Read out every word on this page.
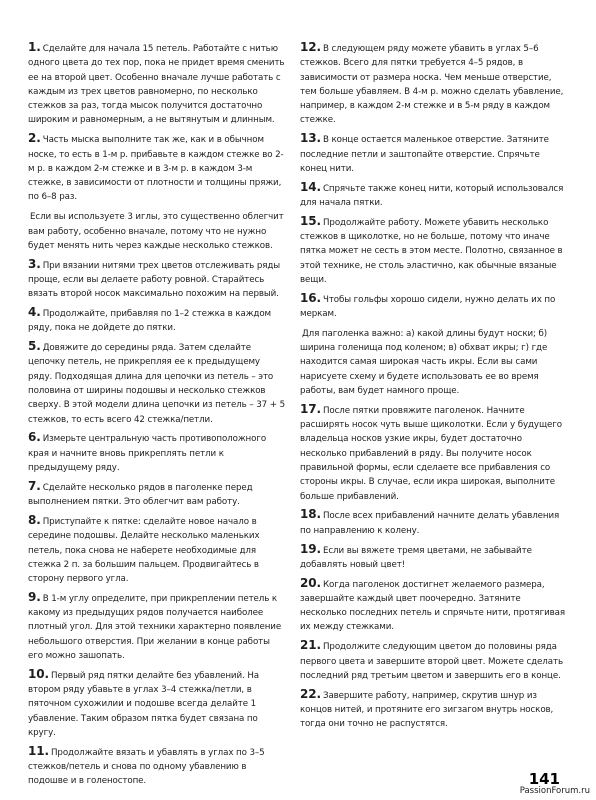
1. Сделайте для начала 15 петель. Работайте с нитью одного цвета до тех пор, пока не придет время сменить ее на второй цвет. Особенно вначале лучше работать с каждым из трех цветов равномерно, по несколько стежков за раз, тогда мысок получится достаточно широким и равномерным, а не вытянутым и длинным.

2. Часть мыска выполните так же, как и в обычном носке, то есть в 1-м р. прибавьте в каждом стежке во 2-м р. в каждом 2-м стежке и в 3-м р. в каждом 3-м стежке, в зависимости от плотности и толщины пряжи, по 6–8 раз.

Если вы используете 3 иглы, это существенно облегчит вам работу, особенно вначале, потому что не нужно будет менять нить через каждые несколько стежков.

3. При вязании нитями трех цветов отслеживать ряды проще, если вы делаете работу ровной. Старайтесь вязать второй носок максимально похожим на первый.

4. Продолжайте, прибавляя по 1–2 стежка в каждом ряду, пока не дойдете до пятки.

5. Довяжите до середины ряда. Затем сделайте цепочку петель, не прикрепляя ее к предыдущему ряду. Подходящая длина для цепочки из петель – это половина от ширины подошвы и несколько стежков сверху. В этой модели длина цепочки из петель – 37 + 5 стежков, то есть всего 42 стежка/петли.

6. Измерьте центральную часть противоположного края и начните вновь прикреплять петли к предыдущему ряду.

7. Сделайте несколько рядов в паголенке перед выполнением пятки. Это облегчит вам работу.

8. Приступайте к пятке: сделайте новое начало в середине подошвы. Делайте несколько маленьких петель, пока снова не наберете необходимые для стежка 2 п. за большим пальцем. Продвигайтесь в сторону первого угла.

9. В 1-м углу определите, при прикреплении петель к какому из предыдущих рядов получается наиболее плотный угол. Для этой техники характерно появление небольшого отверстия. При желании в конце работы его можно зашопать.

10. Первый ряд пятки делайте без убавлений. На втором ряду убавьте в углах 3–4 стежка/петли, в пяточном сухожилии и подошве всегда делайте 1 убавление. Таким образом пятка будет связана по кругу.

11. Продолжайте вязать и убавлять в углах по 3–5 стежков/петель и снова по одному убавлению в подошве и в голеностопе.

12. В следующем ряду можете убавить в углах 5–6 стежков. Всего для пятки требуется 4–5 рядов, в зависимости от размера носка. Чем меньше отверстие, тем больше убавляем. В 4-м р. можно сделать убавление, например, в каждом 2-м стежке и в 5-м ряду в каждом стежке.

13. В конце остается маленькое отверстие. Затяните последние петли и заштопайте отверстие. Спрячьте конец нити.

14. Спрячьте также конец нити, который использовался для начала пятки.

15. Продолжайте работу. Можете убавить несколько стежков в щиколотке, но не больше, потому что иначе пятка может не сесть в этом месте. Полотно, связанное в этой технике, не столь эластично, как обычные вязаные вещи.

16. Чтобы гольфы хорошо сидели, нужно делать их по меркам.

Для паголенка важно: а) какой длины будут носки; б) ширина голенища под коленом; в) обхват икры; г) где находится самая широкая часть икры. Если вы сами нарисуете схему и будете использовать ее во время работы, вам будет намного проще.

17. После пятки провяжите паголенок. Начните расширять носок чуть выше щиколотки. Если у будущего владельца носков узкие икры, будет достаточно несколько прибавлений в ряду. Вы получите носок правильной формы, если сделаете все прибавления со стороны икры. В случае, если икра широкая, выполните больше прибавлений.

18. После всех прибавлений начните делать убавления по направлению к колену.

19. Если вы вяжете тремя цветами, не забывайте добавлять новый цвет!

20. Когда паголенок достигнет желаемого размера, завершайте каждый цвет поочередно. Затяните несколько последних петель и спрячьте нити, протягивая их между стежками.

21. Продолжите следующим цветом до половины ряда первого цвета и завершите второй цвет. Можете сделать последний ряд третьим цветом и завершить его в конце.

22. Завершите работу, например, скрутив шнур из концов нитей, и протяните его зигзагом внутрь носков, тогда они точно не распустятся.

141
PassionForum.ru
